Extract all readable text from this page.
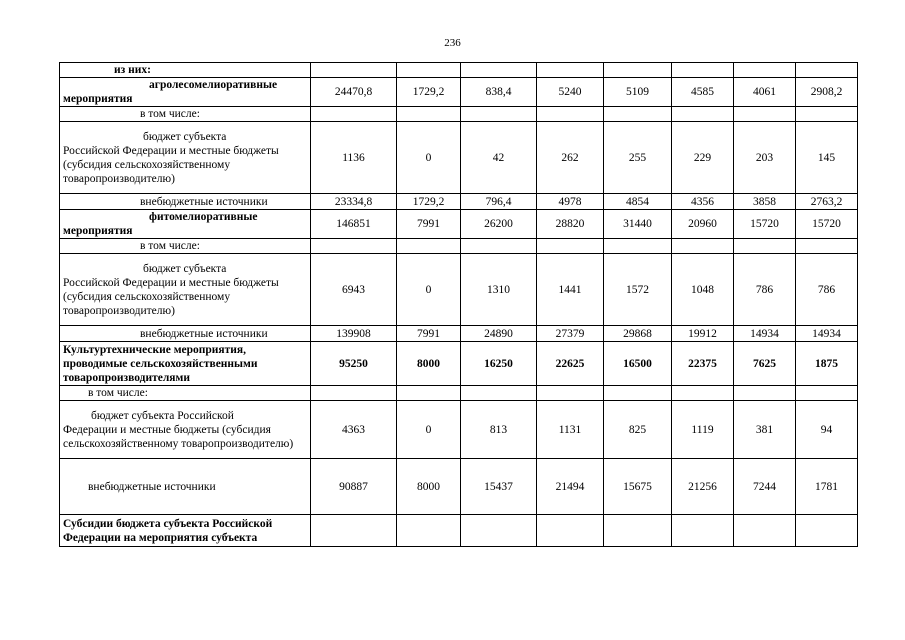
236
из них:								

агролесомелиоративные
мероприятия	24470,8	1729,2	838,4	5240	5109	4585	4061	2908,2
в том числе:								

бюджет субъекта
Российской Федерации и местные бюджеты (субсидия сельскохозяйственному товаропроизводителю)	1136	0	42	262	255	229	203	145
внебюджетные источники	23334,8	1729,2	796,4	4978	4854	4356	3858	2763,2

фитомелиоративные
мероприятия	146851	7991	26200	28820	31440	20960	15720	15720
в том числе:								

бюджет субъекта
Российской Федерации и местные бюджеты (субсидия сельскохозяйственному товаропроизводителю)	6943	0	1310	1441	1572	1048	786	786
внебюджетные источники	139908	7991	24890	27379	29868	19912	14934	14934
Культуртехнические мероприятия, проводимые сельскохозяйственными товаропроизводителями	95250	8000	16250	22625	16500	22375	7625	1875
в том числе:								

бюджет субъекта Российской
Федерации и местные бюджеты (субсидия сельскохозяйственному товаропроизводителю)	4363	0	813	1131	825	1119	381	94
внебюджетные источники	90887	8000	15437	21494	15675	21256	7244	1781
Субсидии бюджета субъекта Российской Федерации на мероприятия субъекта								
